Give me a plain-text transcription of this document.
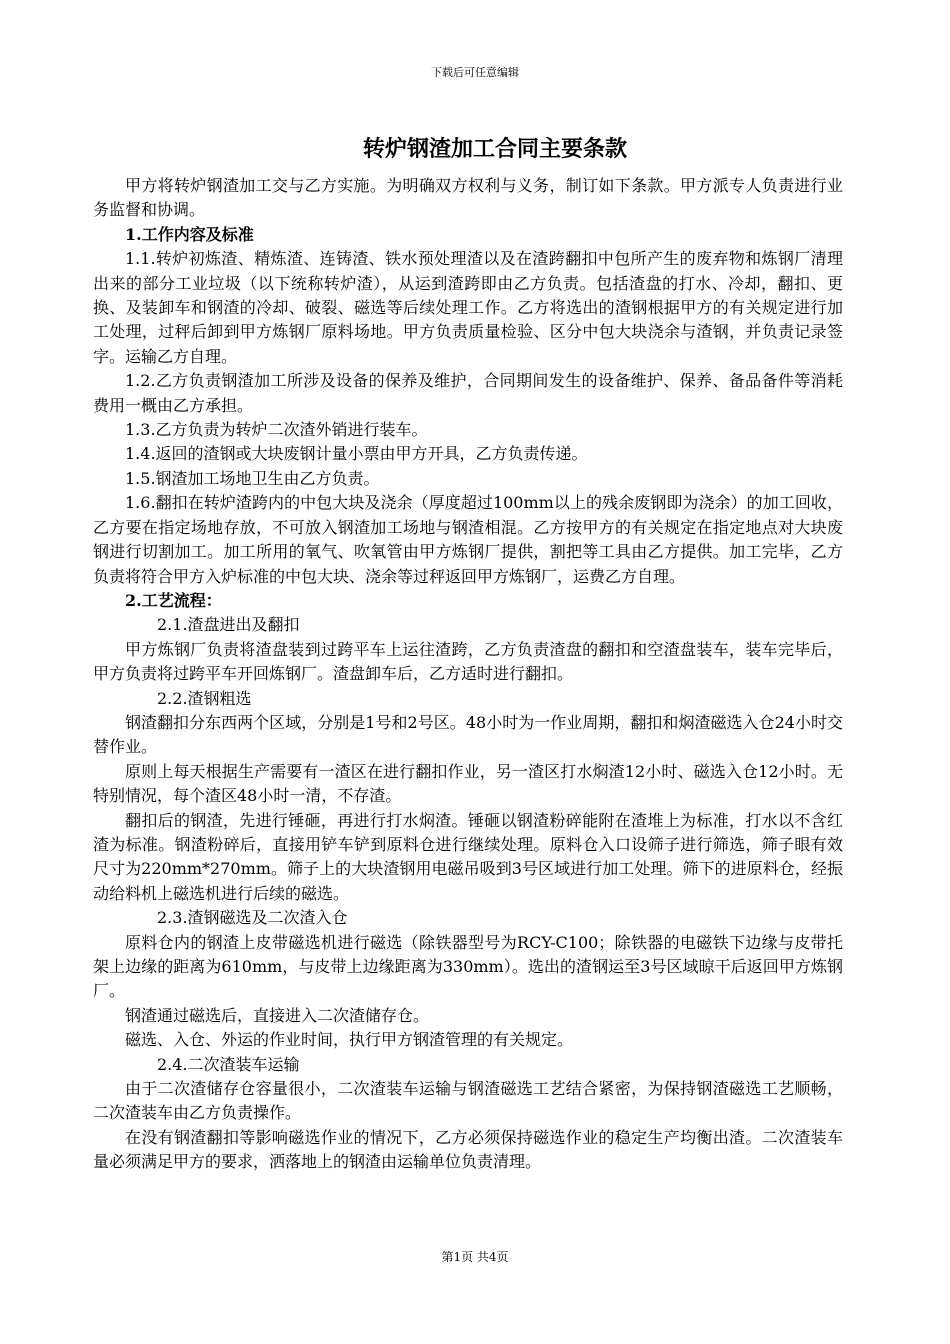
下载后可任意编辑
转炉钢渣加工合同主要条款

甲方将转炉钢渣加工交与乙方实施。为明确双方权利与义务，制订如下条款。甲方派专人负责进行业务监督和协调。

1.工作内容及标准

1.1.转炉初炼渣、精炼渣、连铸渣、铁水预处理渣以及在渣跨翻扣中包所产生的废弃物和炼钢厂清理出来的部分工业垃圾（以下统称转炉渣），从运到渣跨即由乙方负责。包括渣盘的打水、冷却，翻扣、更换、及装卸车和钢渣的冷却、破裂、磁选等后续处理工作。乙方将选出的渣钢根据甲方的有关规定进行加工处理，过秤后卸到甲方炼钢厂原料场地。甲方负责质量检验、区分中包大块浇余与渣钢，并负责记录签字。运输乙方自理。

1.2.乙方负责钢渣加工所涉及设备的保养及维护，合同期间发生的设备维护、保养、备品备件等消耗费用一概由乙方承担。

1.3.乙方负责为转炉二次渣外销进行装车。

1.4.返回的渣钢或大块废钢计量小票由甲方开具，乙方负责传递。

1.5.钢渣加工场地卫生由乙方负责。

1.6.翻扣在转炉渣跨内的中包大块及浇余（厚度超过100mm以上的残余废钢即为浇余）的加工回收，乙方要在指定场地存放，不可放入钢渣加工场地与钢渣相混。乙方按甲方的有关规定在指定地点对大块废钢进行切割加工。加工所用的氧气、吹氧管由甲方炼钢厂提供，割把等工具由乙方提供。加工完毕，乙方负责将符合甲方入炉标准的中包大块、浇余等过秤返回甲方炼钢厂，运费乙方自理。

2.工艺流程：

2.1.渣盘进出及翻扣

甲方炼钢厂负责将渣盘装到过跨平车上运往渣跨，乙方负责渣盘的翻扣和空渣盘装车，装车完毕后，甲方负责将过跨平车开回炼钢厂。渣盘卸车后，乙方适时进行翻扣。

2.2.渣钢粗选

钢渣翻扣分东西两个区域，分别是1号和2号区。48小时为一作业周期，翻扣和焖渣磁选入仓24小时交替作业。

原则上每天根据生产需要有一渣区在进行翻扣作业，另一渣区打水焖渣12小时、磁选入仓12小时。无特别情况，每个渣区48小时一清，不存渣。

翻扣后的钢渣，先进行锤砸，再进行打水焖渣。锤砸以钢渣粉碎能附在渣堆上为标准，打水以不含红渣为标准。钢渣粉碎后，直接用铲车铲到原料仓进行继续处理。原料仓入口设筛子进行筛选，筛子眼有效尺寸为220mm*270mm。筛子上的大块渣钢用电磁吊吸到3号区域进行加工处理。筛下的进原料仓，经振动给料机上磁选机进行后续的磁选。

2.3.渣钢磁选及二次渣入仓

原料仓内的钢渣上皮带磁选机进行磁选（除铁器型号为RCY-C100；除铁器的电磁铁下边缘与皮带托架上边缘的距离为610mm，与皮带上边缘距离为330mm）。选出的渣钢运至3号区域晾干后返回甲方炼钢厂。

钢渣通过磁选后，直接进入二次渣储存仓。

磁选、入仓、外运的作业时间，执行甲方钢渣管理的有关规定。

2.4.二次渣装车运输

由于二次渣储存仓容量很小，二次渣装车运输与钢渣磁选工艺结合紧密，为保持钢渣磁选工艺顺畅，二次渣装车由乙方负责操作。

在没有钢渣翻扣等影响磁选作业的情况下，乙方必须保持磁选作业的稳定生产均衡出渣。二次渣装车量必须满足甲方的要求，洒落地上的钢渣由运输单位负责清理。

第1页 共4页
